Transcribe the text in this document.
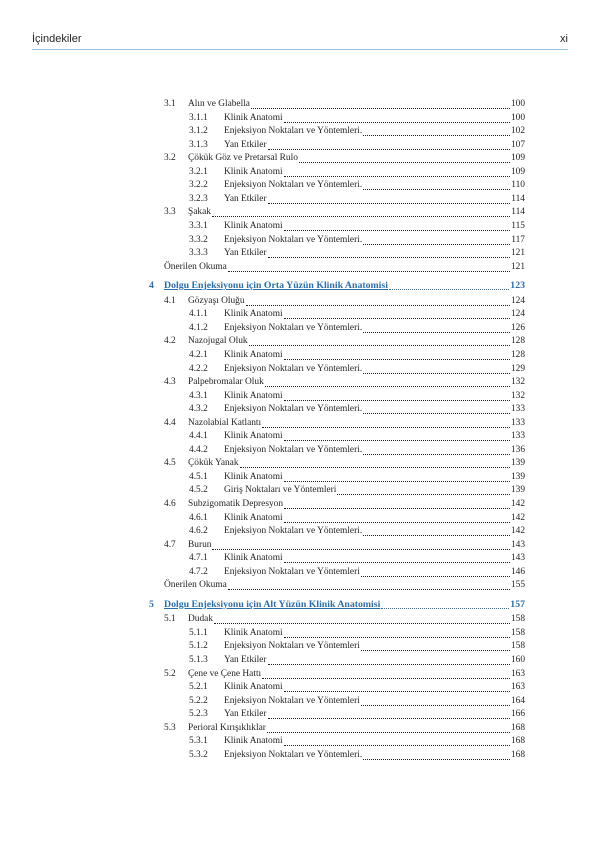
İçindekiler	xi
3.1	Alın ve Glabella	100
3.1.1	Klinik Anatomi	100
3.1.2	Enjeksiyon Noktaları ve Yöntemleri.	102
3.1.3	Yan Etkiler	107
3.2	Çökük Göz ve Pretarsal Rulo	109
3.2.1	Klinik Anatomi	109
3.2.2	Enjeksiyon Noktaları ve Yöntemleri.	110
3.2.3	Yan Etkiler	114
3.3	Şakak	114
3.3.1	Klinik Anatomi	115
3.3.2	Enjeksiyon Noktaları ve Yöntemleri.	117
3.3.3	Yan Etkiler	121
Önerilen Okuma	121
4	Dolgu Enjeksiyonu için Orta Yüzün Klinik Anatomisi	123
4.1	Gözyaşı Oluğu	124
4.1.1	Klinik Anatomi	124
4.1.2	Enjeksiyon Noktaları ve Yöntemleri.	126
4.2	Nazojugal Oluk	128
4.2.1	Klinik Anatomi	128
4.2.2	Enjeksiyon Noktaları ve Yöntemleri.	129
4.3	Palpebromalar Oluk	132
4.3.1	Klinik Anatomi	132
4.3.2	Enjeksiyon Noktaları ve Yöntemleri.	133
4.4	Nazolabial Katlantı	133
4.4.1	Klinik Anatomi	133
4.4.2	Enjeksiyon Noktaları ve Yöntemleri.	136
4.5	Çökük Yanak	139
4.5.1	Klinik Anatomi	139
4.5.2	Giriş Noktaları ve Yöntemleri	139
4.6	Subzigomatik Depresyon	142
4.6.1	Klinik Anatomi	142
4.6.2	Enjeksiyon Noktaları ve Yöntemleri.	142
4.7	Burun	143
4.7.1	Klinik Anatomi	143
4.7.2	Enjeksiyon Noktaları ve Yöntemleri	146
Önerilen Okuma	155
5	Dolgu Enjeksiyonu için Alt Yüzün Klinik Anatomisi	157
5.1	Dudak	158
5.1.1	Klinik Anatomi	158
5.1.2	Enjeksiyon Noktaları ve Yöntemleri	158
5.1.3	Yan Etkiler	160
5.2	Çene ve Çene Hattı	163
5.2.1	Klinik Anatomi	163
5.2.2	Enjeksiyon Noktaları ve Yöntemleri	164
5.2.3	Yan Etkiler	166
5.3	Perioral Kırışıklıklar	168
5.3.1	Klinik Anatomi	168
5.3.2	Enjeksiyon Noktaları ve Yöntemleri.	168
